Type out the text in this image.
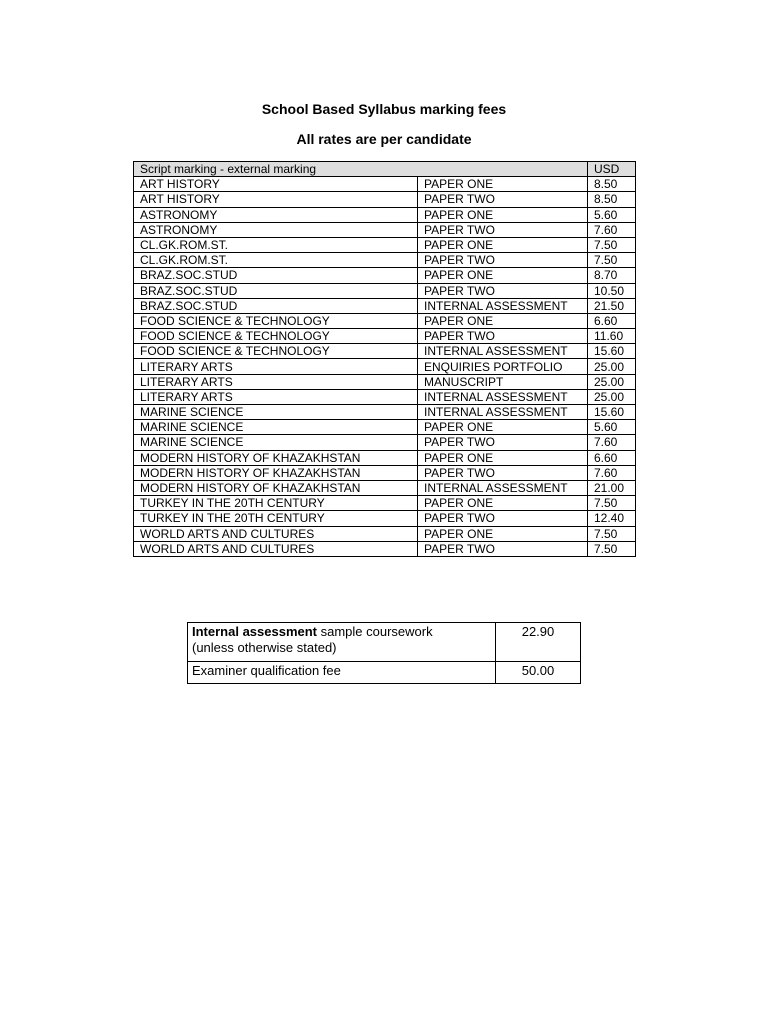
School Based Syllabus marking fees
All rates are per candidate
Script marking - external marking		USD
ART HISTORY	PAPER ONE	8.50
ART HISTORY	PAPER TWO	8.50
ASTRONOMY	PAPER ONE	5.60
ASTRONOMY	PAPER TWO	7.60
CL.GK.ROM.ST.	PAPER ONE	7.50
CL.GK.ROM.ST.	PAPER TWO	7.50
BRAZ.SOC.STUD	PAPER ONE	8.70
BRAZ.SOC.STUD	PAPER TWO	10.50
BRAZ.SOC.STUD	INTERNAL ASSESSMENT	21.50
FOOD SCIENCE & TECHNOLOGY	PAPER ONE	6.60
FOOD SCIENCE & TECHNOLOGY	PAPER TWO	11.60
FOOD SCIENCE & TECHNOLOGY	INTERNAL ASSESSMENT	15.60
LITERARY ARTS	ENQUIRIES PORTFOLIO	25.00
LITERARY ARTS	MANUSCRIPT	25.00
LITERARY ARTS	INTERNAL ASSESSMENT	25.00
MARINE SCIENCE	INTERNAL ASSESSMENT	15.60
MARINE SCIENCE	PAPER ONE	5.60
MARINE SCIENCE	PAPER TWO	7.60
MODERN HISTORY OF KHAZAKHSTAN	PAPER ONE	6.60
MODERN HISTORY OF KHAZAKHSTAN	PAPER TWO	7.60
MODERN HISTORY OF KHAZAKHSTAN	INTERNAL ASSESSMENT	21.00
TURKEY IN THE 20TH CENTURY	PAPER ONE	7.50
TURKEY IN THE 20TH CENTURY	PAPER TWO	12.40
WORLD ARTS AND CULTURES	PAPER ONE	7.50
WORLD ARTS AND CULTURES	PAPER TWO	7.50
Internal assessment sample coursework
(unless otherwise stated)	22.90
Examiner qualification fee	50.00
